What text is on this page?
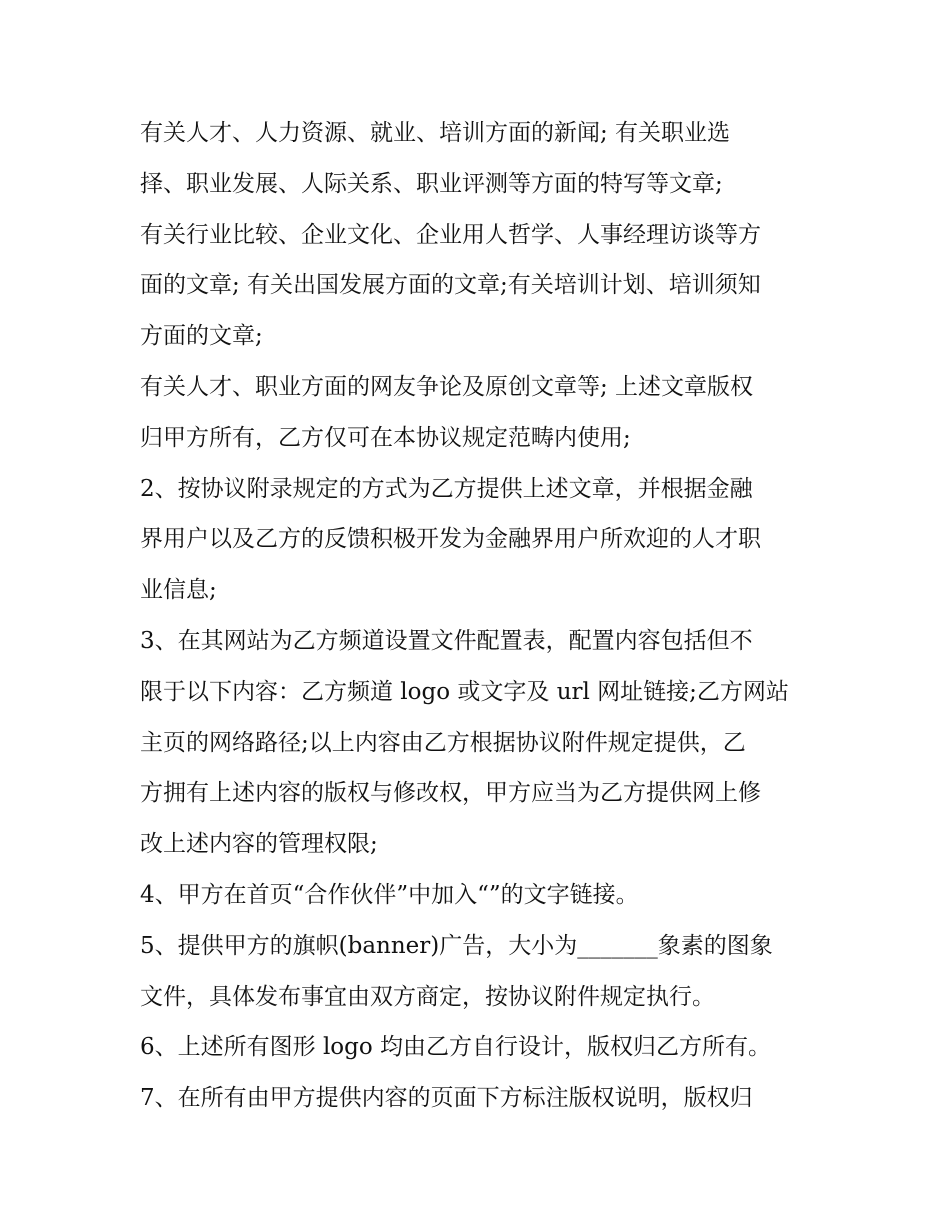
有关人才、人力资源、就业、培训方面的新闻; 有关职业选
择、职业发展、人际关系、职业评测等方面的特写等文章;
有关行业比较、企业文化、企业用人哲学、人事经理访谈等方
面的文章; 有关出国发展方面的文章;有关培训计划、培训须知
方面的文章;
有关人才、职业方面的网友争论及原创文章等; 上述文章版权
归甲方所有，乙方仅可在本协议规定范畴内使用;
2、按协议附录规定的方式为乙方提供上述文章，并根据金融
界用户以及乙方的反馈积极开发为金融界用户所欢迎的人才职
业信息;
3、在其网站为乙方频道设置文件配置表，配置内容包括但不
限于以下内容：乙方频道 logo 或文字及 url 网址链接;乙方网站
主页的网络路径;以上内容由乙方根据协议附件规定提供，乙
方拥有上述内容的版权与修改权，甲方应当为乙方提供网上修
改上述内容的管理权限;
4、甲方在首页“合作伙伴”中加入“”的文字链接。
5、提供甲方的旗帜(banner)广告，大小为_______象素的图象
文件，具体发布事宜由双方商定，按协议附件规定执行。
6、上述所有图形 logo 均由乙方自行设计，版权归乙方所有。
7、在所有由甲方提供内容的页面下方标注版权说明，版权归
